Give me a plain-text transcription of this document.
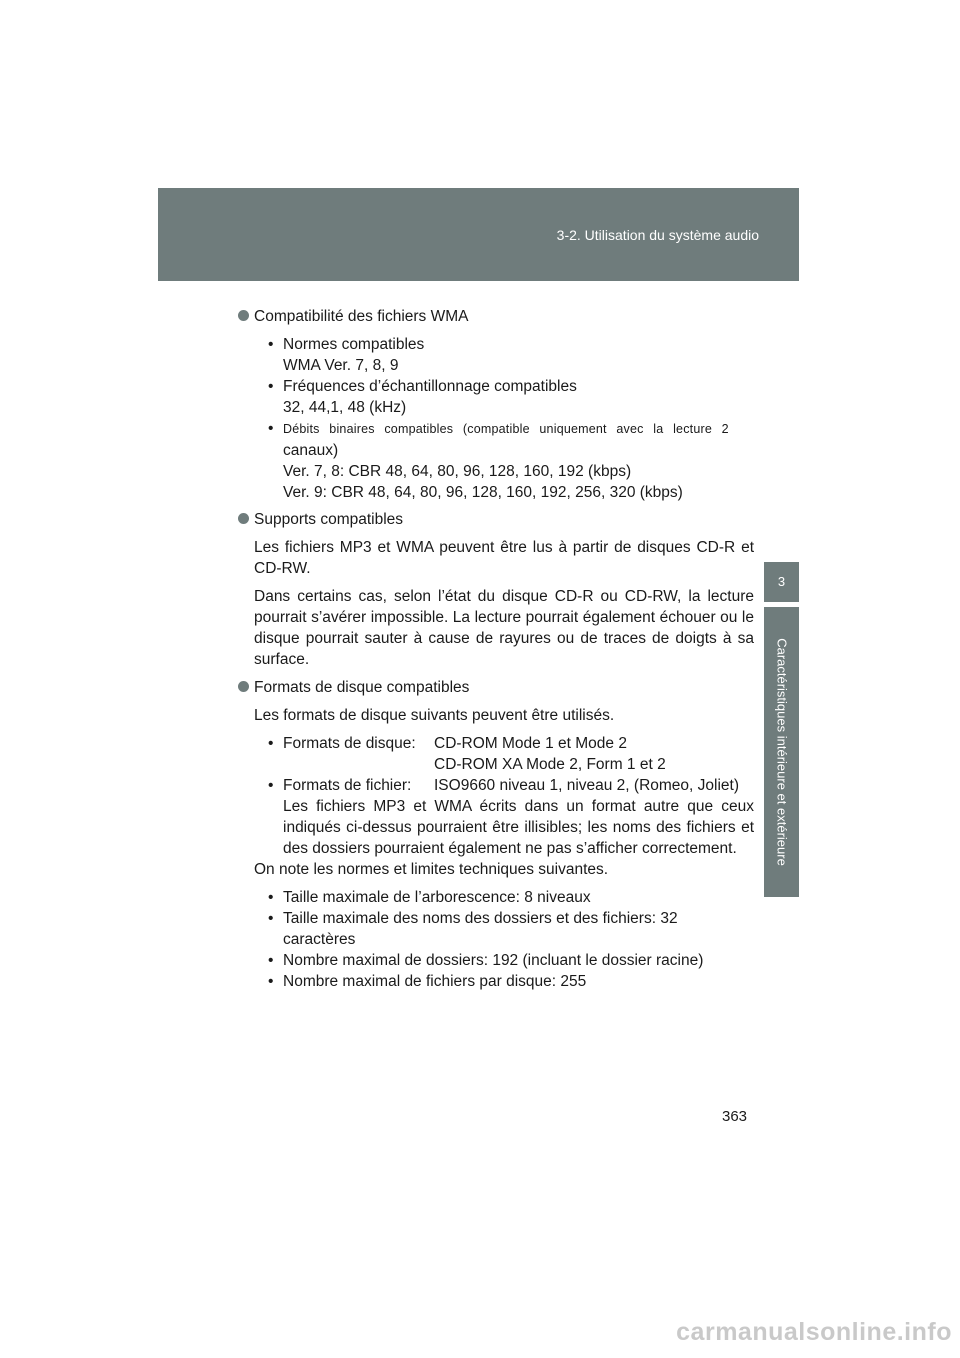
3-2. Utilisation du système audio
3
Caractéristiques intérieure et extérieure
Compatibilité des fichiers WMA
• Normes compatibles
WMA Ver. 7, 8, 9
• Fréquences d’échantillonnage compatibles
32, 44,1, 48 (kHz)
• Débits binaires compatibles (compatible uniquement avec la lecture 2
canaux)
Ver. 7, 8: CBR 48, 64, 80, 96, 128, 160, 192 (kbps)
Ver. 9: CBR 48, 64, 80, 96, 128, 160, 192, 256, 320 (kbps)
Supports compatibles
Les fichiers MP3 et WMA peuvent être lus à partir de disques CD-R et CD-RW.
Dans certains cas, selon l’état du disque CD-R ou CD-RW, la lecture pourrait s’avérer impossible. La lecture pourrait également échouer ou le disque pourrait sauter à cause de rayures ou de traces de doigts à sa surface.
Formats de disque compatibles
Les formats de disque suivants peuvent être utilisés.
• Formats de disque:	CD-ROM Mode 1 et Mode 2
CD-ROM XA Mode 2, Form 1 et 2
• Formats de fichier:	ISO9660 niveau 1, niveau 2, (Romeo, Joliet)
Les fichiers MP3 et WMA écrits dans un format autre que ceux indiqués ci-dessus pourraient être illisibles; les noms des fichiers et des dossiers pourraient également ne pas s’afficher correctement.
On note les normes et limites techniques suivantes.
• Taille maximale de l’arborescence: 8 niveaux
• Taille maximale des noms des dossiers et des fichiers: 32 caractères
• Nombre maximal de dossiers: 192 (incluant le dossier racine)
• Nombre maximal de fichiers par disque: 255
363
carmanualsonline.info
